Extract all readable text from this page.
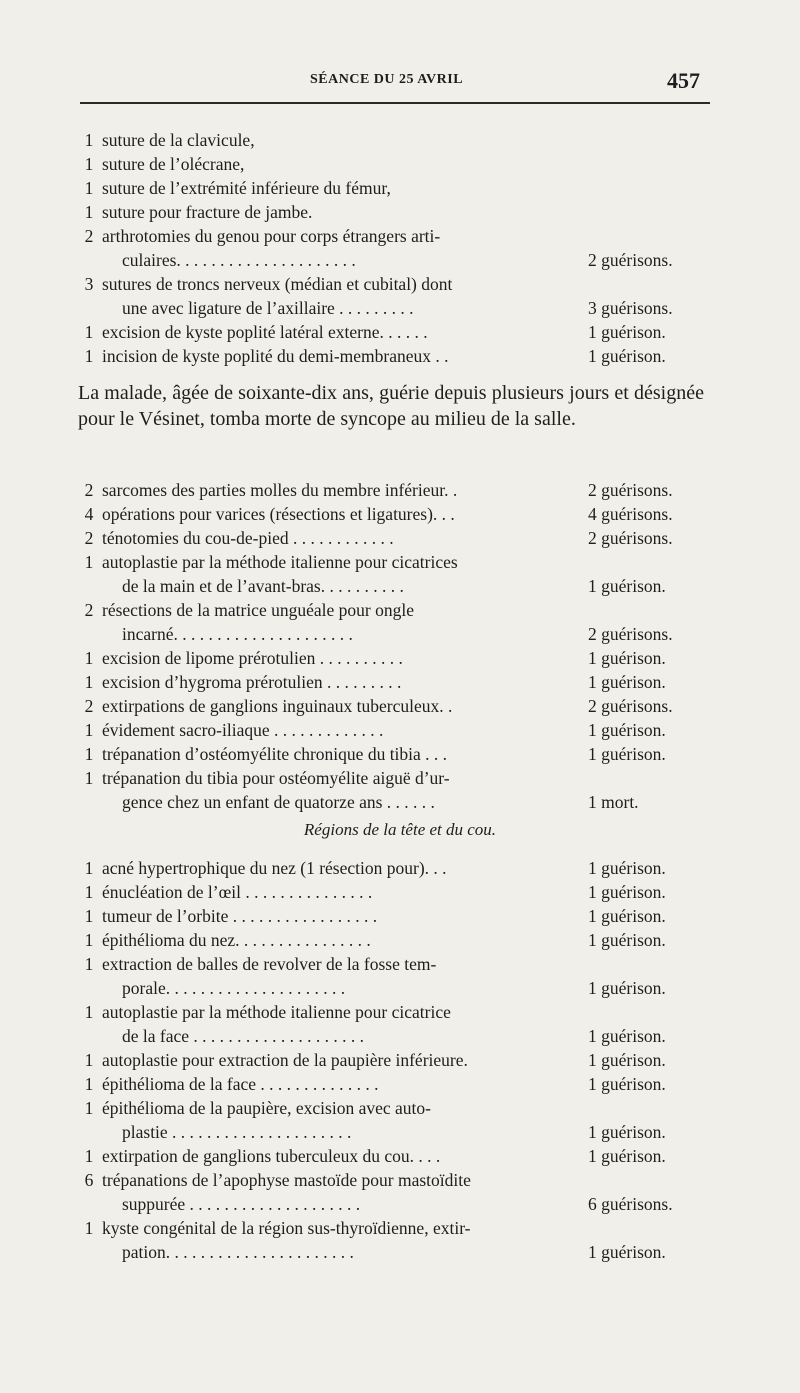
SÉANCE DU 25 AVRIL	457
1 suture de la clavicule,
1 suture de l’olécrane,
1 suture de l’extrémité inférieure du fémur,
1 suture pour fracture de jambe.
2 arthrotomies du genou pour corps étrangers arti-
culaires. . . . . . . . . . . . . . . . . . . . .	2 guérisons.
3 sutures de troncs nerveux (médian et cubital) dont
une avec ligature de l’axillaire . . . . . . . . .	3 guérisons.
1 excision de kyste poplité latéral externe. . . . . .	1 guérison.
1 incision de kyste poplité du demi-membraneux . .	1 guérison.
La malade, âgée de soixante-dix ans, guérie depuis plusieurs jours et désignée pour le Vésinet, tomba morte de syncope au milieu de la salle.
2 sarcomes des parties molles du membre inférieur. .	2 guérisons.
4 opérations pour varices (résections et ligatures). . .	4 guérisons.
2 ténotomies du cou-de-pied . . . . . . . . . . . .	2 guérisons.
1 autoplastie par la méthode italienne pour cicatrices
de la main et de l’avant-bras. . . . . . . . . .	1 guérison.
2 résections de la matrice unguéale pour ongle
incarné. . . . . . . . . . . . . . . . . . . . .	2 guérisons.
1 excision de lipome prérotulien . . . . . . . . . .	1 guérison.
1 excision d’hygroma prérotulien . . . . . . . . .	1 guérison.
2 extirpations de ganglions inguinaux tuberculeux. .	2 guérisons.
1 évidement sacro-iliaque . . . . . . . . . . . . .	1 guérison.
1 trépanation d’ostéomyélite chronique du tibia . . .	1 guérison.
1 trépanation du tibia pour ostéomyélite aiguë d’ur-
gence chez un enfant de quatorze ans . . . . . .	1 mort.
Régions de la tête et du cou.
1 acné hypertrophique du nez (1 résection pour). . .	1 guérison.
1 énucléation de l’œil . . . . . . . . . . . . . . .	1 guérison.
1 tumeur de l’orbite . . . . . . . . . . . . . . . . .	1 guérison.
1 épithélioma du nez. . . . . . . . . . . . . . . .	1 guérison.
1 extraction de balles de revolver de la fosse tem-
porale. . . . . . . . . . . . . . . . . . . . .	1 guérison.
1 autoplastie par la méthode italienne pour cicatrice
de la face . . . . . . . . . . . . . . . . . . . .	1 guérison.
1 autoplastie pour extraction de la paupière inférieure.	1 guérison.
1 épithélioma de la face . . . . . . . . . . . . . .	1 guérison.
1 épithélioma de la paupière, excision avec auto-
plastie . . . . . . . . . . . . . . . . . . . . .	1 guérison.
1 extirpation de ganglions tuberculeux du cou. . . .	1 guérison.
6 trépanations de l’apophyse mastoïde pour mastoïdite
suppurée . . . . . . . . . . . . . . . . . . . .	6 guérisons.
1 kyste congénital de la région sus-thyroïdienne, extir-
pation. . . . . . . . . . . . . . . . . . . . . .	1 guérison.
